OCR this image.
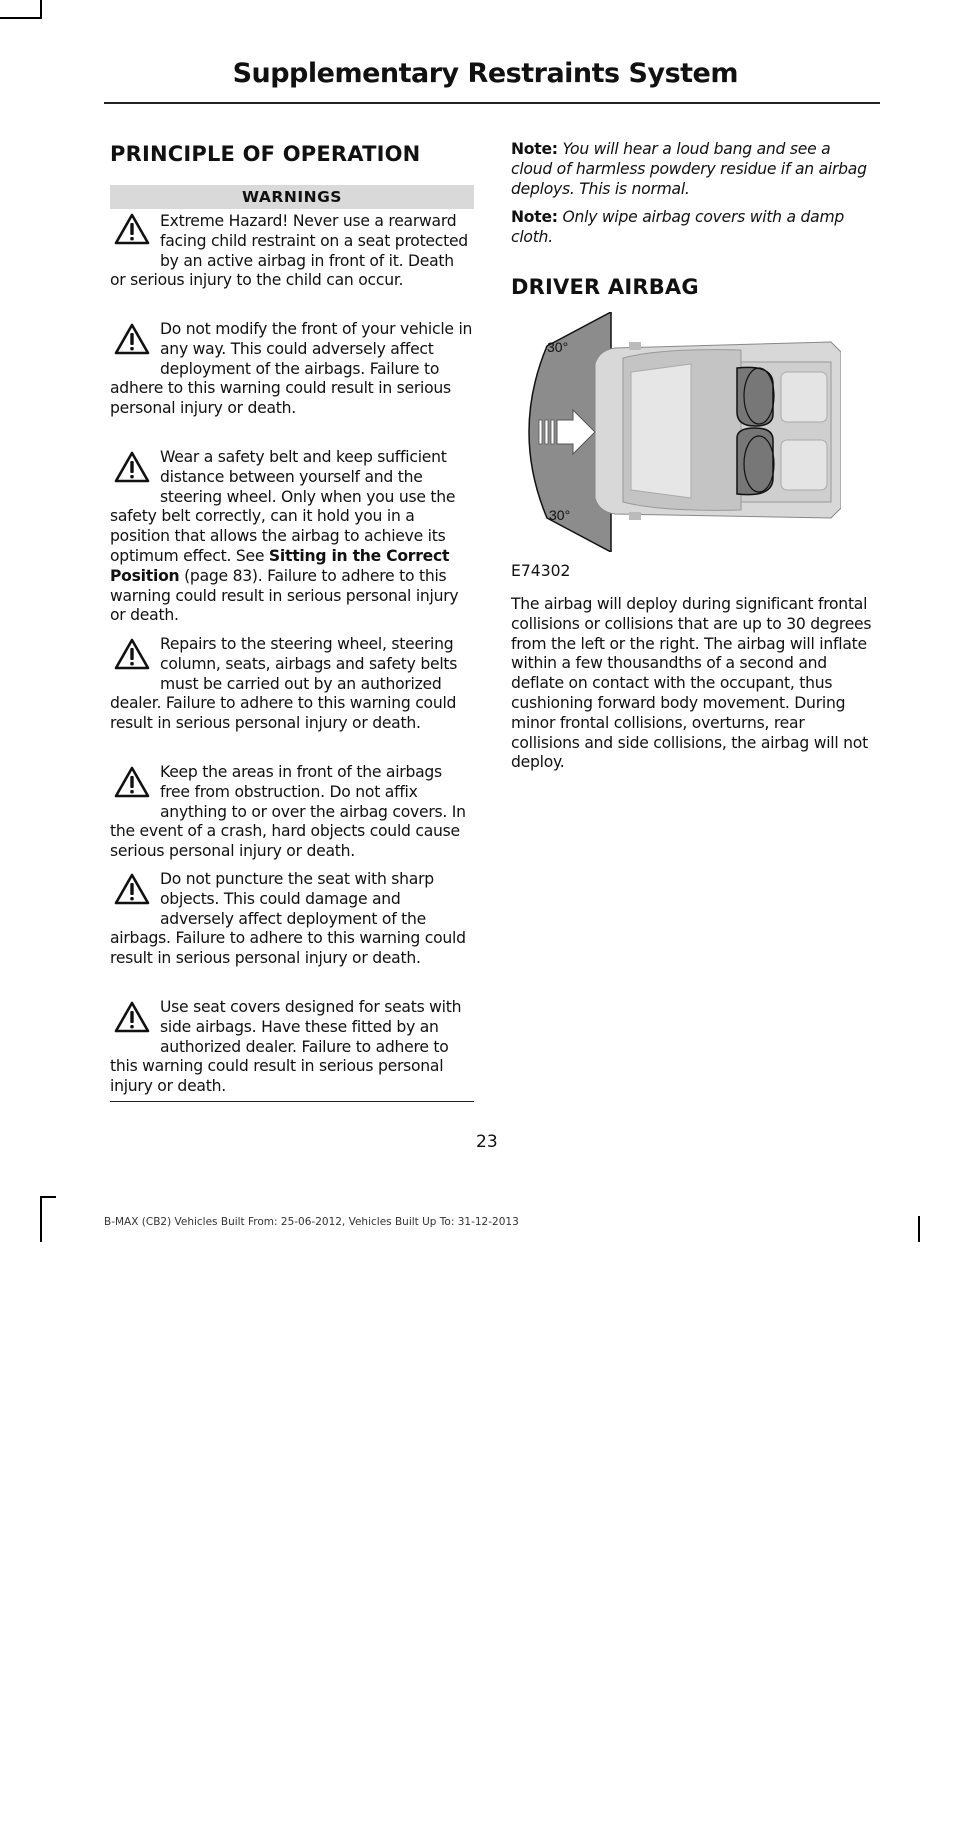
Supplementary Restraints System
PRINCIPLE OF OPERATION
WARNINGS

Extreme Hazard! Never use a rearward facing child restraint on a seat protected by an active airbag in front of it. Death or serious injury to the child can occur.

Do not modify the front of your vehicle in any way. This could adversely affect deployment of the airbags. Failure to adhere to this warning could result in serious personal injury or death.

Wear a safety belt and keep sufficient distance between yourself and the steering wheel. Only when you use the safety belt correctly, can it hold you in a position that allows the airbag to achieve its optimum effect. See Sitting in the Correct Position (page 83). Failure to adhere to this warning could result in serious personal injury or death.

Repairs to the steering wheel, steering column, seats, airbags and safety belts must be carried out by an authorized dealer. Failure to adhere to this warning could result in serious personal injury or death.

Keep the areas in front of the airbags free from obstruction. Do not affix anything to or over the airbag covers. In the event of a crash, hard objects could cause serious personal injury or death.

Do not puncture the seat with sharp objects. This could damage and adversely affect deployment of the airbags. Failure to adhere to this warning could result in serious personal injury or death.

Use seat covers designed for seats with side airbags. Have these fitted by an authorized dealer. Failure to adhere to this warning could result in serious personal injury or death.

Note: You will hear a loud bang and see a cloud of harmless powdery residue if an airbag deploys. This is normal.

Note: Only wipe airbag covers with a damp cloth.

DRIVER AIRBAG
30°
30°
E74302

The airbag will deploy during significant frontal collisions or collisions that are up to 30 degrees from the left or the right. The airbag will inflate within a few thousandths of a second and deflate on contact with the occupant, thus cushioning forward body movement. During minor frontal collisions, overturns, rear collisions and side collisions, the airbag will not deploy.

23
B-MAX (CB2) Vehicles Built From: 25-06-2012, Vehicles Built Up To: 31-12-2013
